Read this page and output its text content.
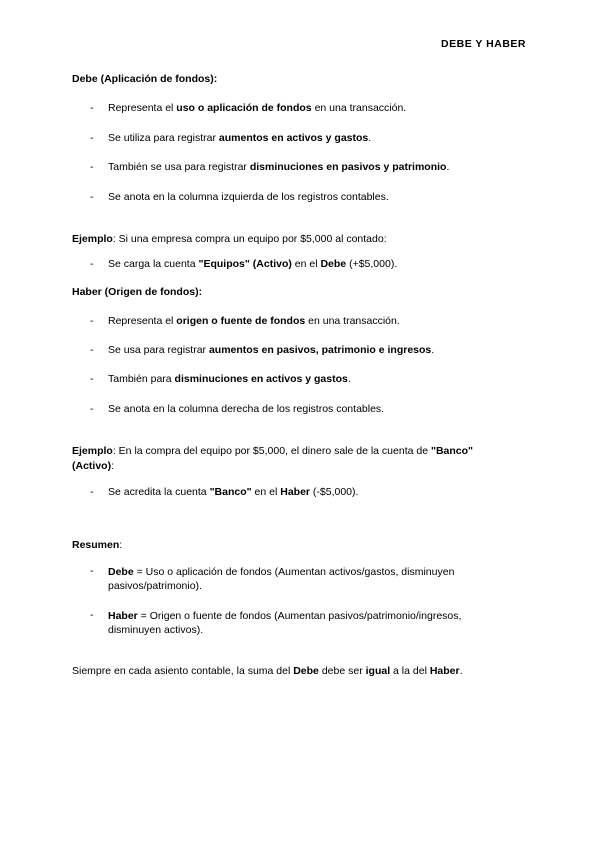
DEBE Y HABER
Debe (Aplicación de fondos):
- Representa el uso o aplicación de fondos en una transacción.
- Se utiliza para registrar aumentos en activos y gastos.
- También se usa para registrar disminuciones en pasivos y patrimonio.
- Se anota en la columna izquierda de los registros contables.
Ejemplo: Si una empresa compra un equipo por $5,000 al contado:
- Se carga la cuenta "Equipos" (Activo) en el Debe (+$5,000).
Haber (Origen de fondos):
- Representa el origen o fuente de fondos en una transacción.
- Se usa para registrar aumentos en pasivos, patrimonio e ingresos.
- También para disminuciones en activos y gastos.
- Se anota en la columna derecha de los registros contables.
Ejemplo: En la compra del equipo por $5,000, el dinero sale de la cuenta de "Banco" (Activo):
- Se acredita la cuenta "Banco" en el Haber (-$5,000).
Resumen:
- Debe = Uso o aplicación de fondos (Aumentan activos/gastos, disminuyen pasivos/patrimonio).
- Haber = Origen o fuente de fondos (Aumentan pasivos/patrimonio/ingresos, disminuyen activos).
Siempre en cada asiento contable, la suma del Debe debe ser igual a la del Haber.
